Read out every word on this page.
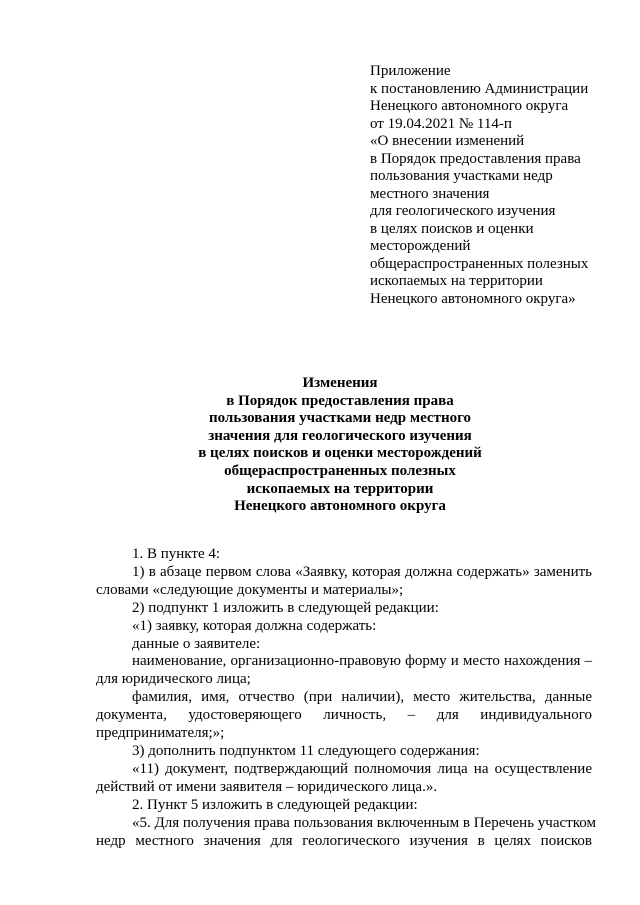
Приложение
к постановлению Администрации
Ненецкого автономного округа
от 19.04.2021 № 114-п
«О внесении изменений
в Порядок предоставления права
пользования участками недр
местного значения
для геологического изучения
в целях поисков и оценки
месторождений
общераспространенных полезных
ископаемых на территории
Ненецкого автономного округа»
Изменения
в Порядок предоставления права
пользования участками недр местного
значения для геологического изучения
в целях поисков и оценки месторождений
общераспространенных полезных
ископаемых на территории
Ненецкого автономного округа
1. В пункте 4:
1) в абзаце первом слова «Заявку, которая должна содержать» заменить
словами «следующие документы и материалы»;
2) подпункт 1 изложить в следующей редакции:
«1) заявку, которая должна содержать:
данные о заявителе:
наименование, организационно-правовую форму и место нахождения –
для юридического лица;
фамилия, имя, отчество (при наличии), место жительства, данные
документа, удостоверяющего личность, – для индивидуального
предпринимателя;»;
3) дополнить подпунктом 11 следующего содержания:
«11) документ, подтверждающий полномочия лица на осуществление
действий от имени заявителя – юридического лица.».
2. Пункт 5 изложить в следующей редакции:
«5. Для получения права пользования включенным в Перечень участком
недр местного значения для геологического изучения в целях поисков
